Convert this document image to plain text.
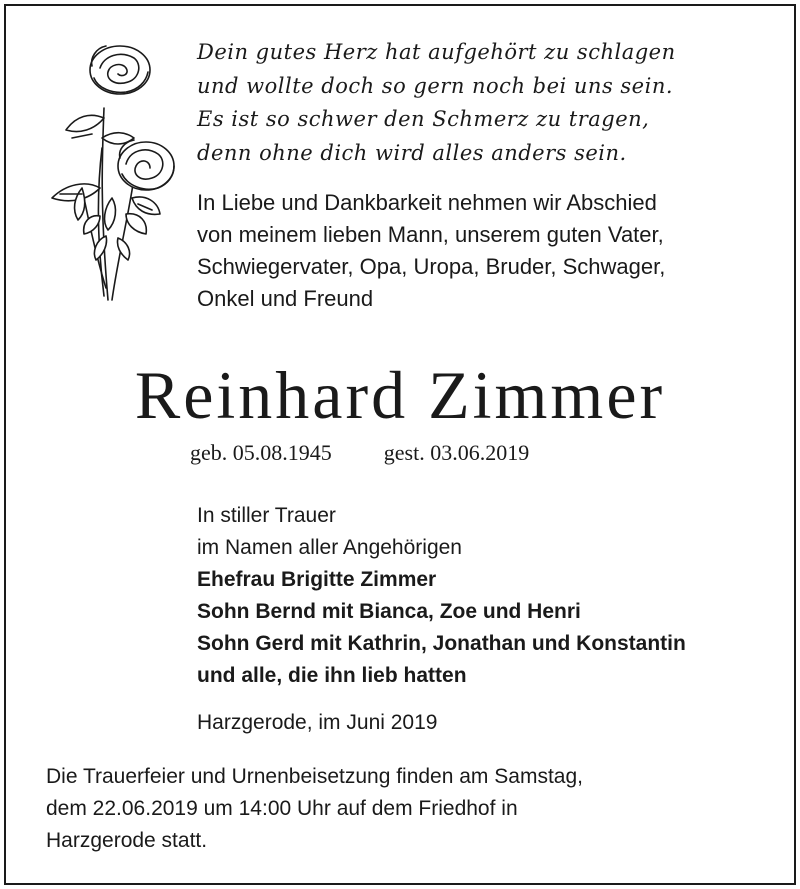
Dein gutes Herz hat aufgehört zu schlagen
und wollte doch so gern noch bei uns sein.
Es ist so schwer den Schmerz zu tragen,
denn ohne dich wird alles anders sein.
In Liebe und Dankbarkeit nehmen wir Abschied
von meinem lieben Mann, unserem guten Vater,
Schwiegervater, Opa, Uropa, Bruder, Schwager,
Onkel und Freund
Reinhard Zimmer
geb. 05.08.1945 gest. 03.06.2019
In stiller Trauer
im Namen aller Angehörigen
Ehefrau Brigitte Zimmer
Sohn Bernd mit Bianca, Zoe und Henri
Sohn Gerd mit Kathrin, Jonathan und Konstantin
und alle, die ihn lieb hatten
Harzgerode, im Juni 2019
Die Trauerfeier und Urnenbeisetzung finden am Samstag,
dem 22.06.2019 um 14:00 Uhr auf dem Friedhof in
Harzgerode statt.
